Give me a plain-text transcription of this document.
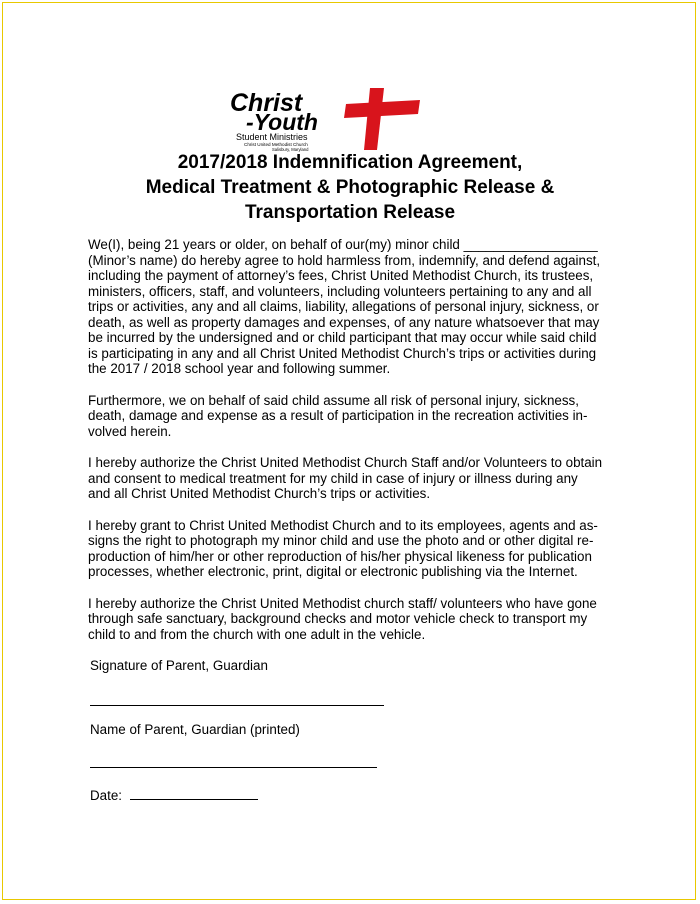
Christ
-Youth
Student Ministries
Christ United Methodist Church
Salisbury, Maryland
2017/2018 Indemnification Agreement,
Medical Treatment & Photographic Release &
Transportation Release
We(I), being 21 years or older, on behalf of our(my) minor child __________________
(Minor’s name) do hereby agree to hold harmless from, indemnify, and defend against,
including the payment of attorney’s fees, Christ United Methodist Church, its trustees,
ministers, officers, staff, and volunteers, including volunteers pertaining to any and all
trips or activities, any and all claims, liability, allegations of personal injury, sickness, or
death, as well as property damages and expenses, of any nature whatsoever that may
be incurred by the undersigned and or child participant that may occur while said child
is participating in any and all Christ United Methodist Church’s trips or activities during
the 2017 / 2018 school year and following summer.
Furthermore, we on behalf of said child assume all risk of personal injury, sickness,
death, damage and expense as a result of participation in the recreation activities in-
volved herein.
I hereby authorize the Christ United Methodist Church Staff and/or Volunteers to obtain
and consent to medical treatment for my child in case of injury or illness during any
and all Christ United Methodist Church’s trips or activities.
I hereby grant to Christ United Methodist Church and to its employees, agents and as-
signs the right to photograph my minor child and use the photo and or other digital re-
production of him/her or other reproduction of his/her physical likeness for publication
processes, whether electronic, print, digital or electronic publishing via the Internet.
I hereby authorize the Christ United Methodist church staff/ volunteers who have gone
through safe sanctuary, background checks and motor vehicle check to transport my
child to and from the church with one adult in the vehicle.
Signature of Parent, Guardian
Name of Parent, Guardian (printed)
Date:
